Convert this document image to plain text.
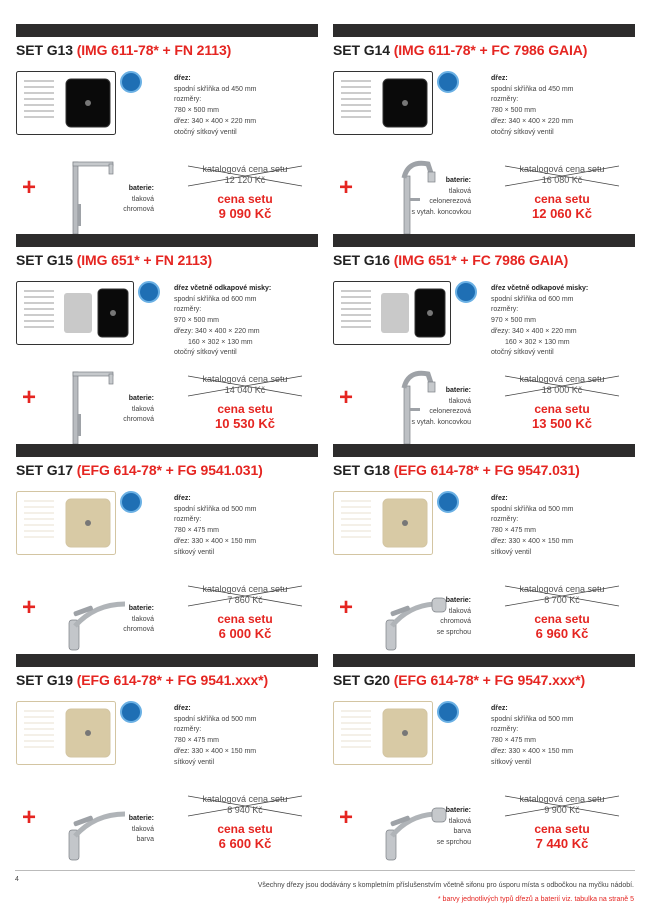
SET G13 (IMG 611-78* + FN 2113)
dřez:
spodní skříňka od 450 mm
rozměry:
780 × 500 mm
dřez: 340 × 400 × 220 mm
otočný sítkový ventil
+	baterie:
tlaková
chromová
katalogová cena setu
12 120 Kč
cena setu
9 090 Kč
SET G14 (IMG 611-78* + FC 7986 GAIA)
dřez:
spodní skříňka od 450 mm
rozměry:
780 × 500 mm
dřez: 340 × 400 × 220 mm
otočný sítkový ventil
+	baterie:
tlaková
celonerezová
s vytah. koncovkou
katalogová cena setu
16 080 Kč
cena setu
12 060 Kč
SET G15 (IMG 651* + FN 2113)
dřez včetně odkapové misky:
spodní skříňka od 600 mm
rozměry:
970 × 500 mm
dřezy: 340 × 400 × 220 mm
160 × 302 × 130 mm
otočný sítkový ventil
+	baterie:
tlaková
chromová
katalogová cena setu
14 040 Kč
cena setu
10 530 Kč
SET G16 (IMG 651* + FC 7986 GAIA)
dřez včetně odkapové misky:
spodní skříňka od 600 mm
rozměry:
970 × 500 mm
dřezy: 340 × 400 × 220 mm
160 × 302 × 130 mm
otočný sítkový ventil
+	baterie:
tlaková
celonerezová
s vytah. koncovkou
katalogová cena setu
18 000 Kč
cena setu
13 500 Kč
SET G17 (EFG 614-78* + FG 9541.031)
dřez:
spodní skříňka od 500 mm
rozměry:
780 × 475 mm
dřez: 330 × 400 × 150 mm
sítkový ventil
+	baterie:
tlaková
chromová
katalogová cena setu
7 860 Kč
cena setu
6 000 Kč
SET G18 (EFG 614-78* + FG 9547.031)
dřez:
spodní skříňka od 500 mm
rozměry:
780 × 475 mm
dřez: 330 × 400 × 150 mm
sítkový ventil
+	baterie:
tlaková
chromová
se sprchou
katalogová cena setu
8 700 Kč
cena setu
6 960 Kč
SET G19 (EFG 614-78* + FG 9541.xxx*)
dřez:
spodní skříňka od 500 mm
rozměry:
780 × 475 mm
dřez: 330 × 400 × 150 mm
sítkový ventil
+	baterie:
tlaková
barva
katalogová cena setu
8 940 Kč
cena setu
6 600 Kč
SET G20 (EFG 614-78* + FG 9547.xxx*)
dřez:
spodní skříňka od 500 mm
rozměry:
780 × 475 mm
dřez: 330 × 400 × 150 mm
sítkový ventil
+	baterie:
tlaková
barva
se sprchou
katalogová cena setu
9 900 Kč
cena setu
7 440 Kč
4
Všechny dřezy jsou dodávány s kompletním příslušenstvím včetně sifonu pro úsporu místa s odbočkou na myčku nádobí.
* barvy jednotlivých typů dřezů a baterií viz. tabulka na straně 5
